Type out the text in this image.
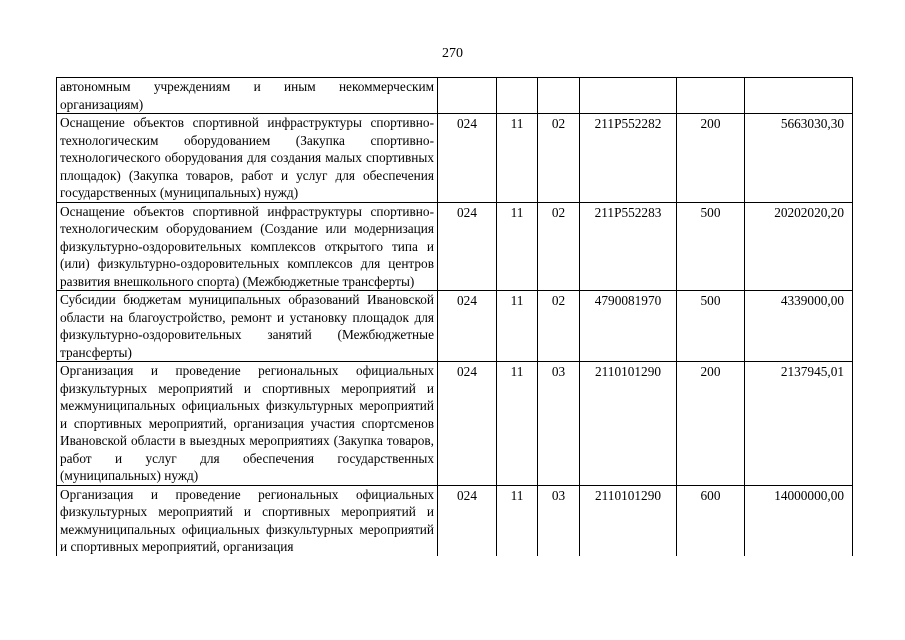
270
автономным учреждениям и иным некоммерческим организациям)						
Оснащение объектов спортивной инфраструктуры спортивно-технологическим оборудованием (Закупка спортивно-технологического оборудования для создания малых спортивных площадок) (Закупка товаров, работ и услуг для обеспечения государственных (муниципальных) нужд)	024	11	02	211P552282	200	5663030,30
Оснащение объектов спортивной инфраструктуры спортивно-технологическим оборудованием (Создание или модернизация физкультурно-оздоровительных комплексов открытого типа и (или) физкультурно-оздоровительных комплексов для центров развития внешкольного спорта) (Межбюджетные трансферты)	024	11	02	211P552283	500	20202020,20
Субсидии бюджетам муниципальных образований Ивановской области на благоустройство, ремонт и установку площадок для физкультурно-оздоровительных занятий (Межбюджетные трансферты)	024	11	02	4790081970	500	4339000,00
Организация и проведение региональных официальных физкультурных мероприятий и спортивных мероприятий и межмуниципальных официальных физкультурных мероприятий и спортивных мероприятий, организация участия спортсменов Ивановской области в выездных мероприятиях (Закупка товаров, работ и услуг для обеспечения государственных (муниципальных) нужд)	024	11	03	2110101290	200	2137945,01
Организация и проведение региональных официальных физкультурных мероприятий и спортивных мероприятий и межмуниципальных официальных физкультурных мероприятий и спортивных мероприятий, организация	024	11	03	2110101290	600	14000000,00
